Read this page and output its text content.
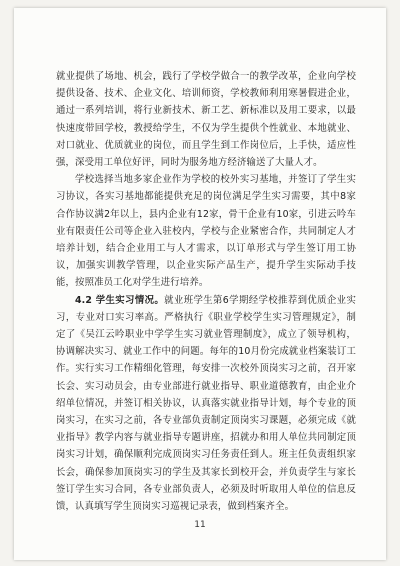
就业提供了场地、机会，践行了学校学做合一的教学改革，企业向学校提供设备、技术、企业文化、培训师资，学校教师利用寒暑假进企业，通过一系列培训，将行业新技术、新工艺、新标准以及用工要求，以最快速度带回学校，教授给学生，不仅为学生提供个性就业、本地就业、对口就业、优质就业的岗位，而且学生到工作岗位后，上手快，适应性强，深受用工单位好评，同时为服务地方经济输送了大量人才。

学校选择当地多家企业作为学校的校外实习基地，并签订了学生实习协议，各实习基地都能提供充足的岗位满足学生实习需要，其中8家合作协议满2年以上，县内企业有12家，骨干企业有10家，引进云吟车业有限责任公司等企业入驻校内，学校与企业紧密合作，共同制定人才培养计划，结合企业用工与人才需求，以订单形式与学生签订用工协议，加强实训教学管理，以企业实际产品生产，提升学生实际动手技能，按照准员工化对学生进行培养。

4.2 学生实习情况。就业班学生第6学期经学校推荐到优质企业实习，专业对口实习率高。严格执行《职业学校学生实习管理规定》，制定了《吴江云吟职业中学学生实习就业管理制度》，成立了领导机构，协调解决实习、就业工作中的问题。每年的10月份完成就业档案装订工作。实行实习工作精细化管理，每安排一次校外顶岗实习之前，召开家长会、实习动员会，由专业部进行就业指导、职业道德教育，由企业介绍单位情况，并签订相关协议，认真落实就业指导计划，每个专业的顶岗实习，在实习之前，各专业部负责制定顶岗实习课题，必须完成《就业指导》教学内容与就业指导专题讲座，招就办和用人单位共同制定顶岗实习计划，确保顺利完成顶岗实习任务责任到人。班主任负责组织家长会，确保参加顶岗实习的学生及其家长到校开会，并负责学生与家长签订学生实习合同，各专业部负责人，必须及时听取用人单位的信息反馈，认真填写学生顶岗实习巡视记录表，做到档案齐全。

11
